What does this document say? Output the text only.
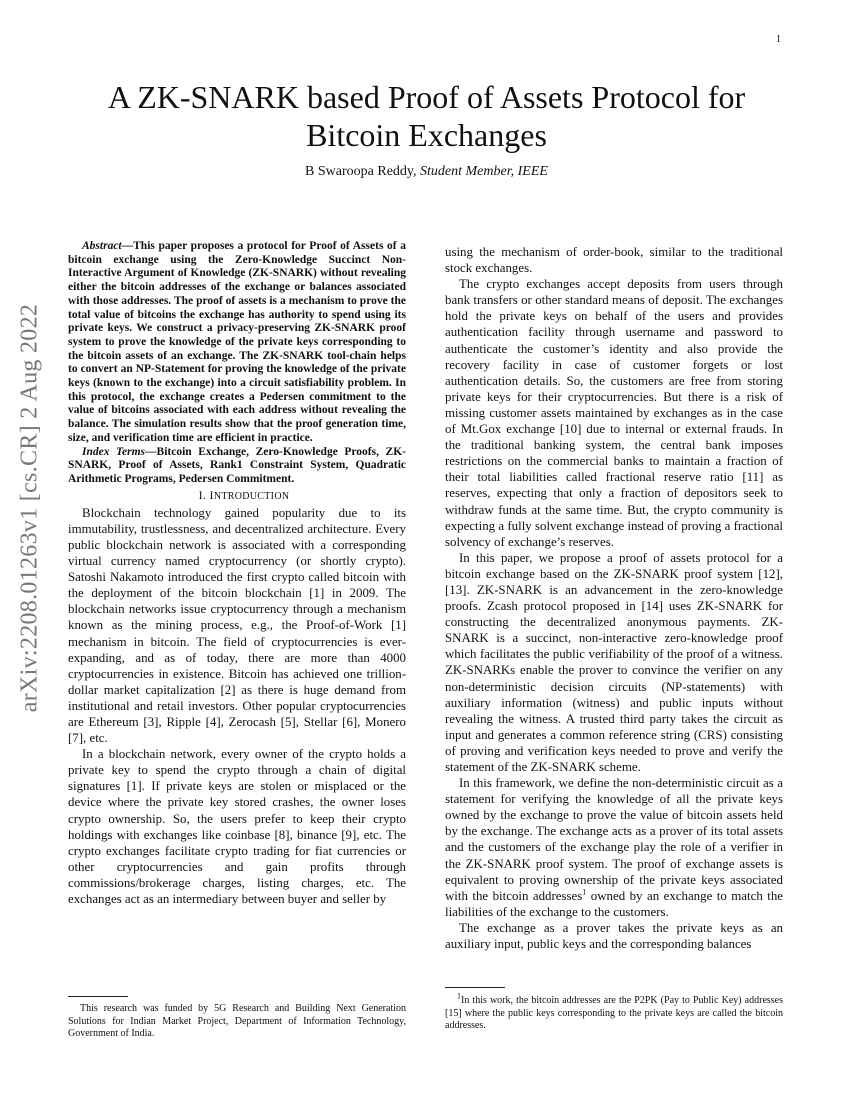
1
arXiv:2208.01263v1 [cs.CR] 2 Aug 2022
A ZK-SNARK based Proof of Assets Protocol for Bitcoin Exchanges
B Swaroopa Reddy, Student Member, IEEE

Abstract—This paper proposes a protocol for Proof of Assets of a bitcoin exchange using the Zero-Knowledge Succinct Non-Interactive Argument of Knowledge (ZK-SNARK) without revealing either the bitcoin addresses of the exchange or balances associated with those addresses. The proof of assets is a mechanism to prove the total value of bitcoins the exchange has authority to spend using its private keys. We construct a privacy-preserving ZK-SNARK proof system to prove the knowledge of the private keys corresponding to the bitcoin assets of an exchange. The ZK-SNARK tool-chain helps to convert an NP-Statement for proving the knowledge of the private keys (known to the exchange) into a circuit satisfiability problem. In this protocol, the exchange creates a Pedersen commitment to the value of bitcoins associated with each address without revealing the balance. The simulation results show that the proof generation time, size, and verification time are efficient in practice.

Index Terms—Bitcoin Exchange, Zero-Knowledge Proofs, ZK-SNARK, Proof of Assets, Rank1 Constraint System, Quadratic Arithmetic Programs, Pedersen Commitment.

I. INTRODUCTION

Blockchain technology gained popularity due to its immutability, trustlessness, and decentralized architecture. Every public blockchain network is associated with a corresponding virtual currency named cryptocurrency (or shortly crypto). Satoshi Nakamoto introduced the first crypto called bitcoin with the deployment of the bitcoin blockchain [1] in 2009. The blockchain networks issue cryptocurrency through a mechanism known as the mining process, e.g., the Proof-of-Work [1] mechanism in bitcoin. The field of cryptocurrencies is ever-expanding, and as of today, there are more than 4000 cryptocurrencies in existence. Bitcoin has achieved one trillion-dollar market capitalization [2] as there is huge demand from institutional and retail investors. Other popular cryptocurrencies are Ethereum [3], Ripple [4], Zerocash [5], Stellar [6], Monero [7], etc.

In a blockchain network, every owner of the crypto holds a private key to spend the crypto through a chain of digital signatures [1]. If private keys are stolen or misplaced or the device where the private key stored crashes, the owner loses crypto ownership. So, the users prefer to keep their crypto holdings with exchanges like coinbase [8], binance [9], etc. The crypto exchanges facilitate crypto trading for fiat currencies or other cryptocurrencies and gain profits through commissions/brokerage charges, listing charges, etc. The exchanges act as an intermediary between buyer and seller by

using the mechanism of order-book, similar to the traditional stock exchanges.

The crypto exchanges accept deposits from users through bank transfers or other standard means of deposit. The exchanges hold the private keys on behalf of the users and provides authentication facility through username and password to authenticate the customer’s identity and also provide the recovery facility in case of customer forgets or lost authentication details. So, the customers are free from storing private keys for their cryptocurrencies. But there is a risk of missing customer assets maintained by exchanges as in the case of Mt.Gox exchange [10] due to internal or external frauds. In the traditional banking system, the central bank imposes restrictions on the commercial banks to maintain a fraction of their total liabilities called fractional reserve ratio [11] as reserves, expecting that only a fraction of depositors seek to withdraw funds at the same time. But, the crypto community is expecting a fully solvent exchange instead of proving a fractional solvency of exchange’s reserves.

In this paper, we propose a proof of assets protocol for a bitcoin exchange based on the ZK-SNARK proof system [12], [13]. ZK-SNARK is an advancement in the zero-knowledge proofs. Zcash protocol proposed in [14] uses ZK-SNARK for constructing the decentralized anonymous payments. ZK-SNARK is a succinct, non-interactive zero-knowledge proof which facilitates the public verifiability of the proof of a witness. ZK-SNARKs enable the prover to convince the verifier on any non-deterministic decision circuits (NP-statements) with auxiliary information (witness) and public inputs without revealing the witness. A trusted third party takes the circuit as input and generates a common reference string (CRS) consisting of proving and verification keys needed to prove and verify the statement of the ZK-SNARK scheme.

In this framework, we define the non-deterministic circuit as a statement for verifying the knowledge of all the private keys owned by the exchange to prove the value of bitcoin assets held by the exchange. The exchange acts as a prover of its total assets and the customers of the exchange play the role of a verifier in the ZK-SNARK proof system. The proof of exchange assets is equivalent to proving ownership of the private keys associated with the bitcoin addresses$^1$ owned by an exchange to match the liabilities of the exchange to the customers.

The exchange as a prover takes the private keys as an auxiliary input, public keys and the corresponding balances

This research was funded by 5G Research and Building Next Generation Solutions for Indian Market Project, Department of Information Technology, Government of India.

$^1$In this work, the bitcoin addresses are the P2PK (Pay to Public Key) addresses [15] where the public keys corresponding to the private keys are called the bitcoin addresses.
